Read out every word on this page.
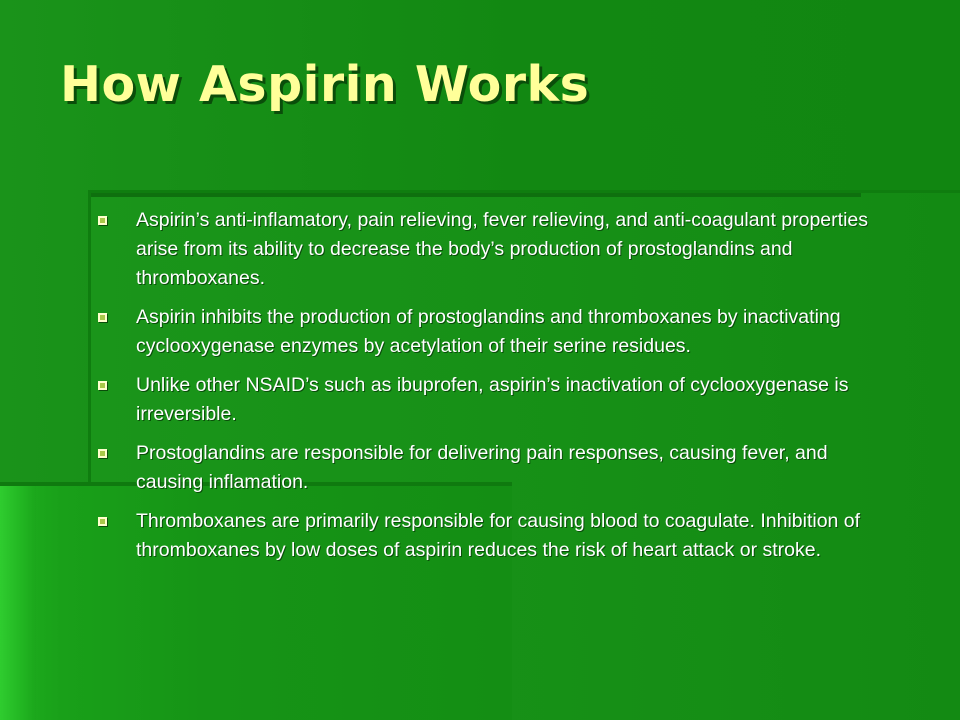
How Aspirin Works
Aspirin’s anti-inflamatory, pain relieving, fever relieving, and anti-coagulant properties arise from its ability to decrease the body’s production of prostoglandins and thromboxanes.
Aspirin inhibits the production of prostoglandins and thromboxanes by inactivating cyclooxygenase enzymes by acetylation of their serine residues.
Unlike other NSAID’s such as ibuprofen, aspirin’s inactivation of cyclooxygenase is irreversible.
Prostoglandins are responsible for delivering pain responses, causing fever, and causing inflamation.
Thromboxanes are primarily responsible for causing blood to coagulate. Inhibition of thromboxanes by low doses of aspirin reduces the risk of heart attack or stroke.
